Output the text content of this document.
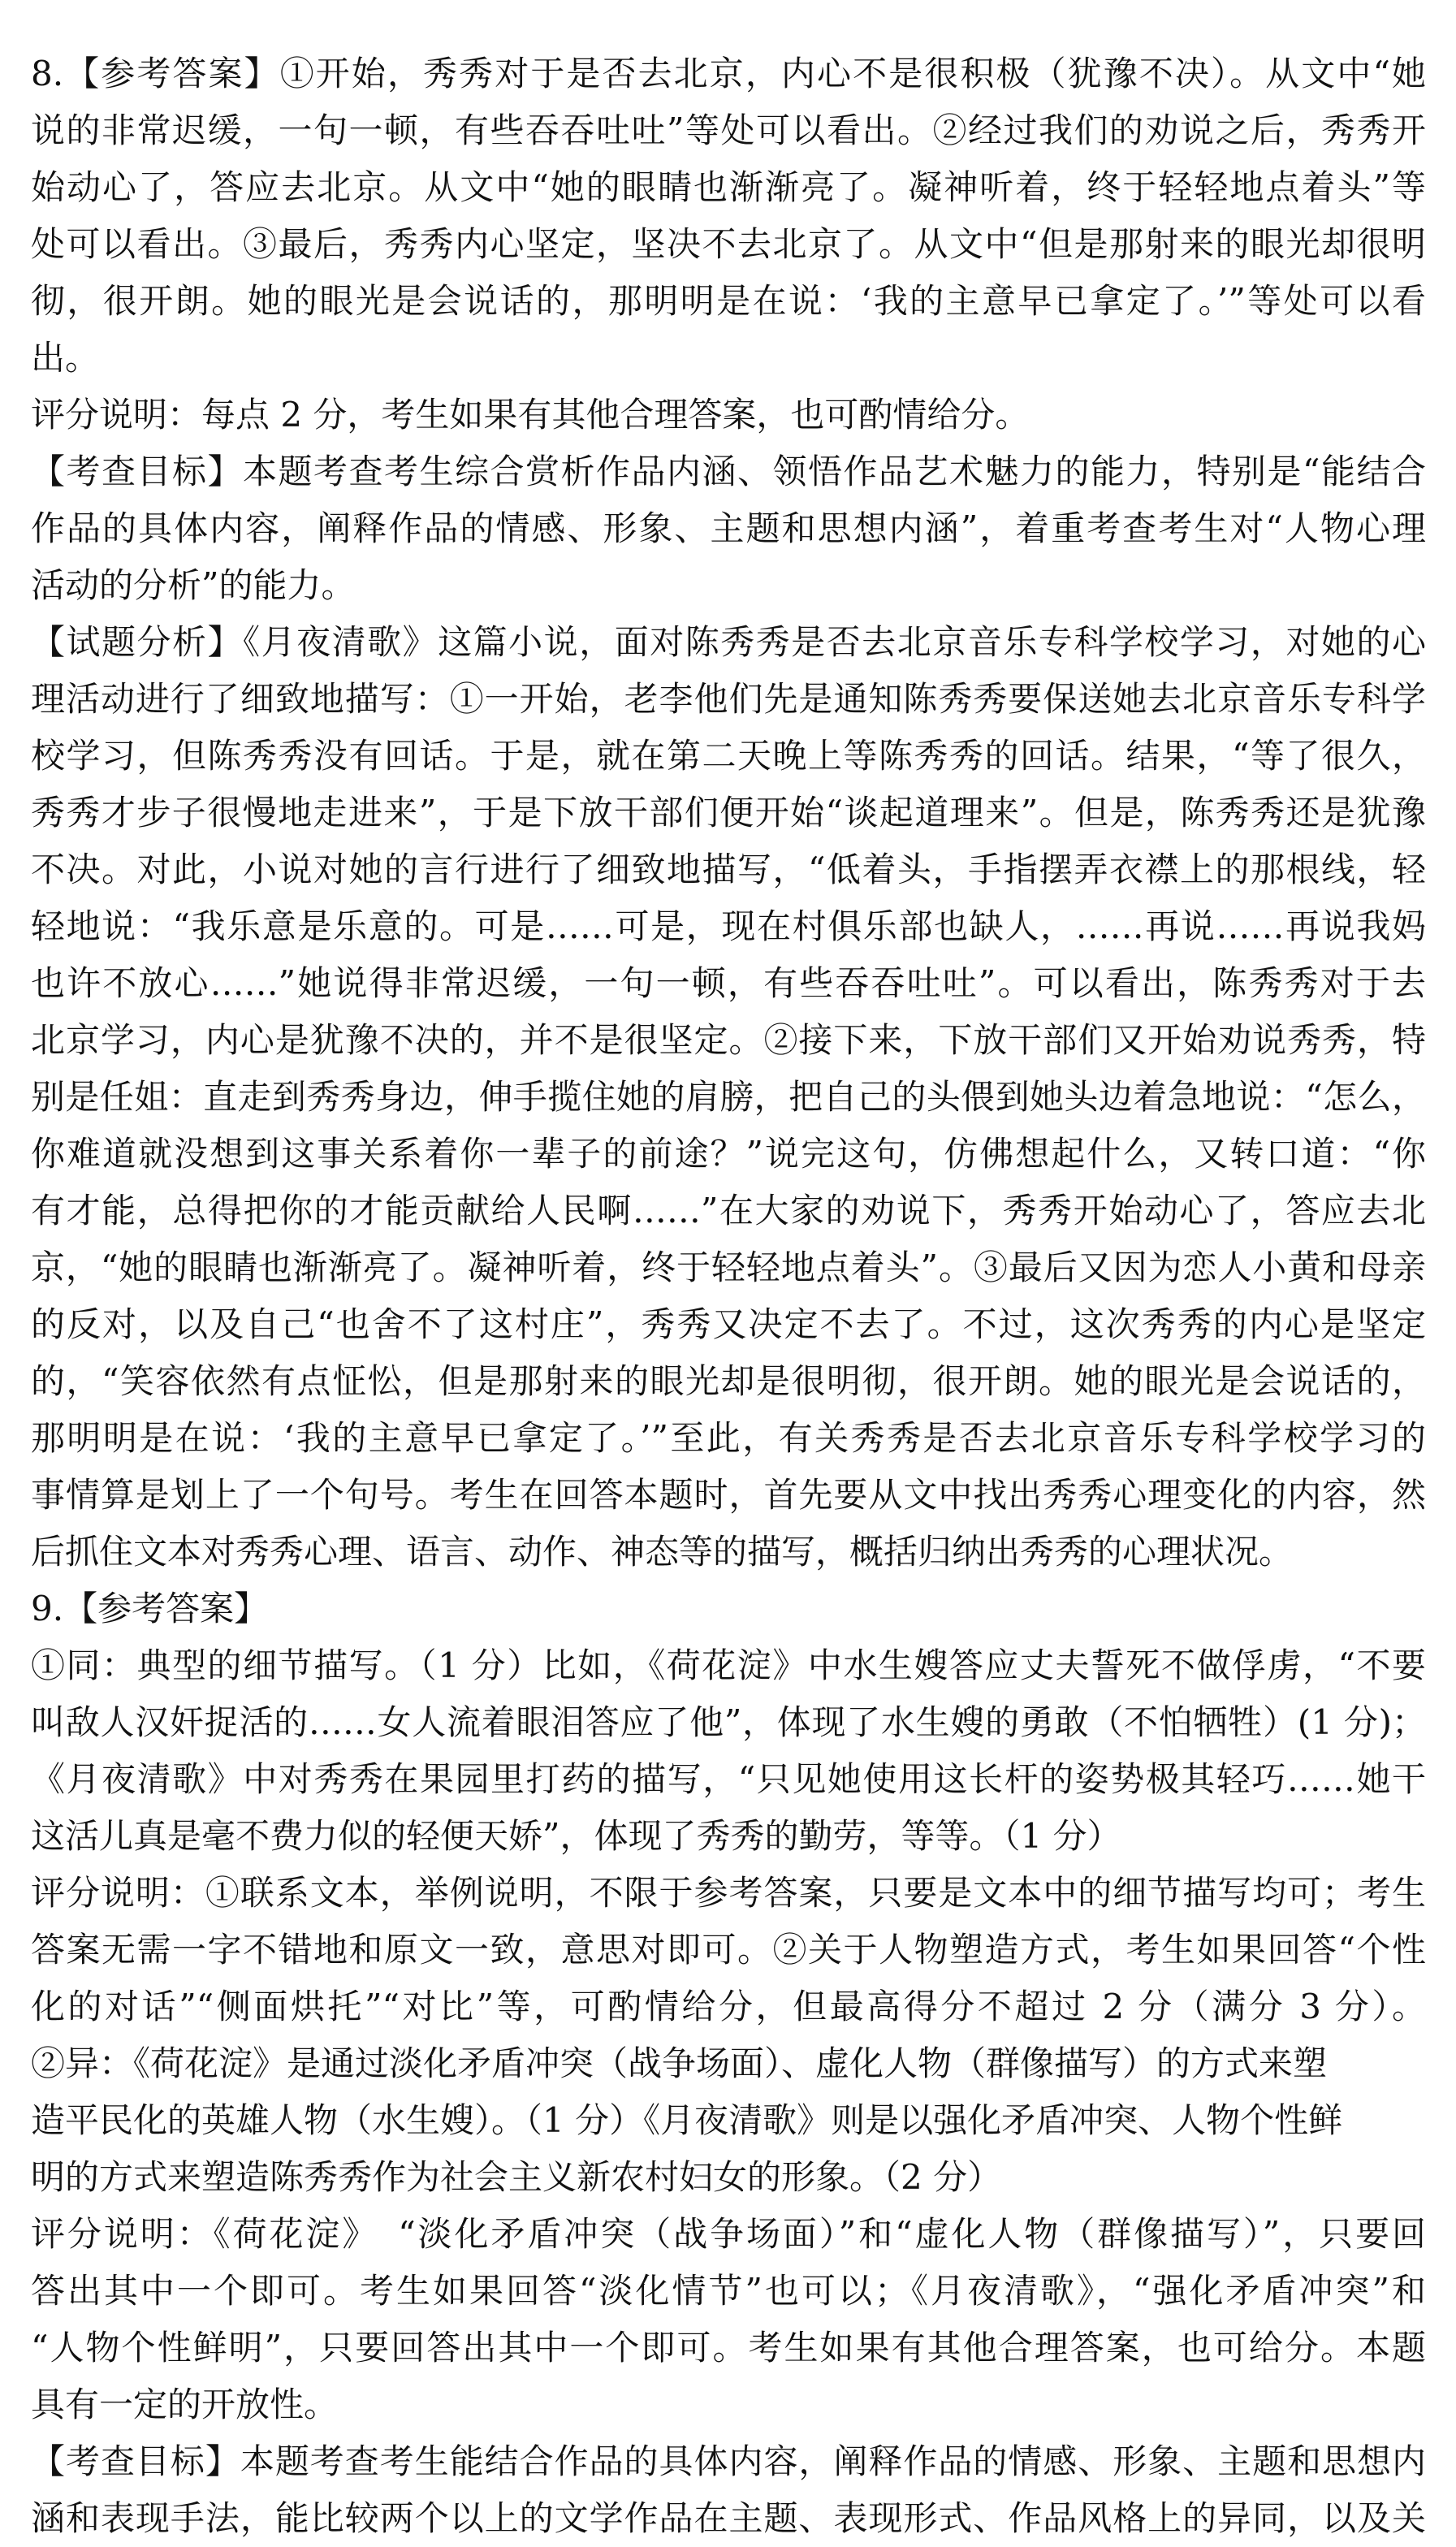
8.【参考答案】①开始，秀秀对于是否去北京，内心不是很积极（犹豫不决）。从文中“她
说的非常迟缓，一句一顿，有些吞吞吐吐”等处可以看出。②经过我们的劝说之后，秀秀开
始动心了，答应去北京。从文中“她的眼睛也渐渐亮了。凝神听着，终于轻轻地点着头”等
处可以看出。③最后，秀秀内心坚定，坚决不去北京了。从文中“但是那射来的眼光却很明
彻，很开朗。她的眼光是会说话的，那明明是在说：‘我的主意早已拿定了。’”等处可以看
出。
评分说明：每点 2 分，考生如果有其他合理答案，也可酌情给分。
【考查目标】本题考查考生综合赏析作品内涵、领悟作品艺术魅力的能力，特别是“能结合
作品的具体内容，阐释作品的情感、形象、主题和思想内涵”，着重考查考生对“人物心理
活动的分析”的能力。
【试题分析】《月夜清歌》这篇小说，面对陈秀秀是否去北京音乐专科学校学习，对她的心
理活动进行了细致地描写：①一开始，老李他们先是通知陈秀秀要保送她去北京音乐专科学
校学习，但陈秀秀没有回话。于是，就在第二天晚上等陈秀秀的回话。结果，“等了很久，
秀秀才步子很慢地走进来”，于是下放干部们便开始“谈起道理来”。但是，陈秀秀还是犹豫
不决。对此，小说对她的言行进行了细致地描写，“低着头，手指摆弄衣襟上的那根线，轻
轻地说：“我乐意是乐意的。可是……可是，现在村俱乐部也缺人，……再说……再说我妈
也许不放心……”她说得非常迟缓，一句一顿，有些吞吞吐吐”。可以看出，陈秀秀对于去
北京学习，内心是犹豫不决的，并不是很坚定。②接下来，下放干部们又开始劝说秀秀，特
别是任姐：直走到秀秀身边，伸手揽住她的肩膀，把自己的头偎到她头边着急地说：“怎么，
你难道就没想到这事关系着你一辈子的前途？”说完这句，仿佛想起什么，又转口道：“你
有才能，总得把你的才能贡献给人民啊……”在大家的劝说下，秀秀开始动心了，答应去北
京，“她的眼睛也渐渐亮了。凝神听着，终于轻轻地点着头”。③最后又因为恋人小黄和母亲
的反对，以及自己“也舍不了这村庄”，秀秀又决定不去了。不过，这次秀秀的内心是坚定
的，“笑容依然有点怔忪，但是那射来的眼光却是很明彻，很开朗。她的眼光是会说话的，
那明明是在说：‘我的主意早已拿定了。’”至此，有关秀秀是否去北京音乐专科学校学习的
事情算是划上了一个句号。考生在回答本题时，首先要从文中找出秀秀心理变化的内容，然
后抓住文本对秀秀心理、语言、动作、神态等的描写，概括归纳出秀秀的心理状况。
9.【参考答案】
①同：典型的细节描写。（1 分）比如，《荷花淀》中水生嫂答应丈夫誓死不做俘虏，“不要
叫敌人汉奸捉活的……女人流着眼泪答应了他”，体现了水生嫂的勇敢（不怕牺牲）(1 分)；
《月夜清歌》中对秀秀在果园里打药的描写，“只见她使用这长杆的姿势极其轻巧……她干
这活儿真是毫不费力似的轻便天娇”，体现了秀秀的勤劳，等等。（1 分）
评分说明：①联系文本，举例说明，不限于参考答案，只要是文本中的细节描写均可；考生
答案无需一字不错地和原文一致，意思对即可。②关于人物塑造方式，考生如果回答“个性
化的对话”“侧面烘托”“对比”等，可酌情给分，但最高得分不超过 2 分（满分 3 分）。
②异：《荷花淀》是通过淡化矛盾冲突（战争场面）、虚化人物（群像描写）的方式来塑
造平民化的英雄人物（水生嫂）。（1 分）《月夜清歌》则是以强化矛盾冲突、人物个性鲜
明的方式来塑造陈秀秀作为社会主义新农村妇女的形象。（2 分）
评分说明：《荷花淀》　“淡化矛盾冲突（战争场面）”和“虚化人物（群像描写）”，只要回
答出其中一个即可。考生如果回答“淡化情节”也可以；《月夜清歌》，“强化矛盾冲突”和
“人物个性鲜明”，只要回答出其中一个即可。考生如果有其他合理答案，也可给分。本题
具有一定的开放性。
【考查目标】本题考查考生能结合作品的具体内容，阐释作品的情感、形象、主题和思想内
涵和表现手法，能比较两个以上的文学作品在主题、表现形式、作品风格上的异同，以及关
